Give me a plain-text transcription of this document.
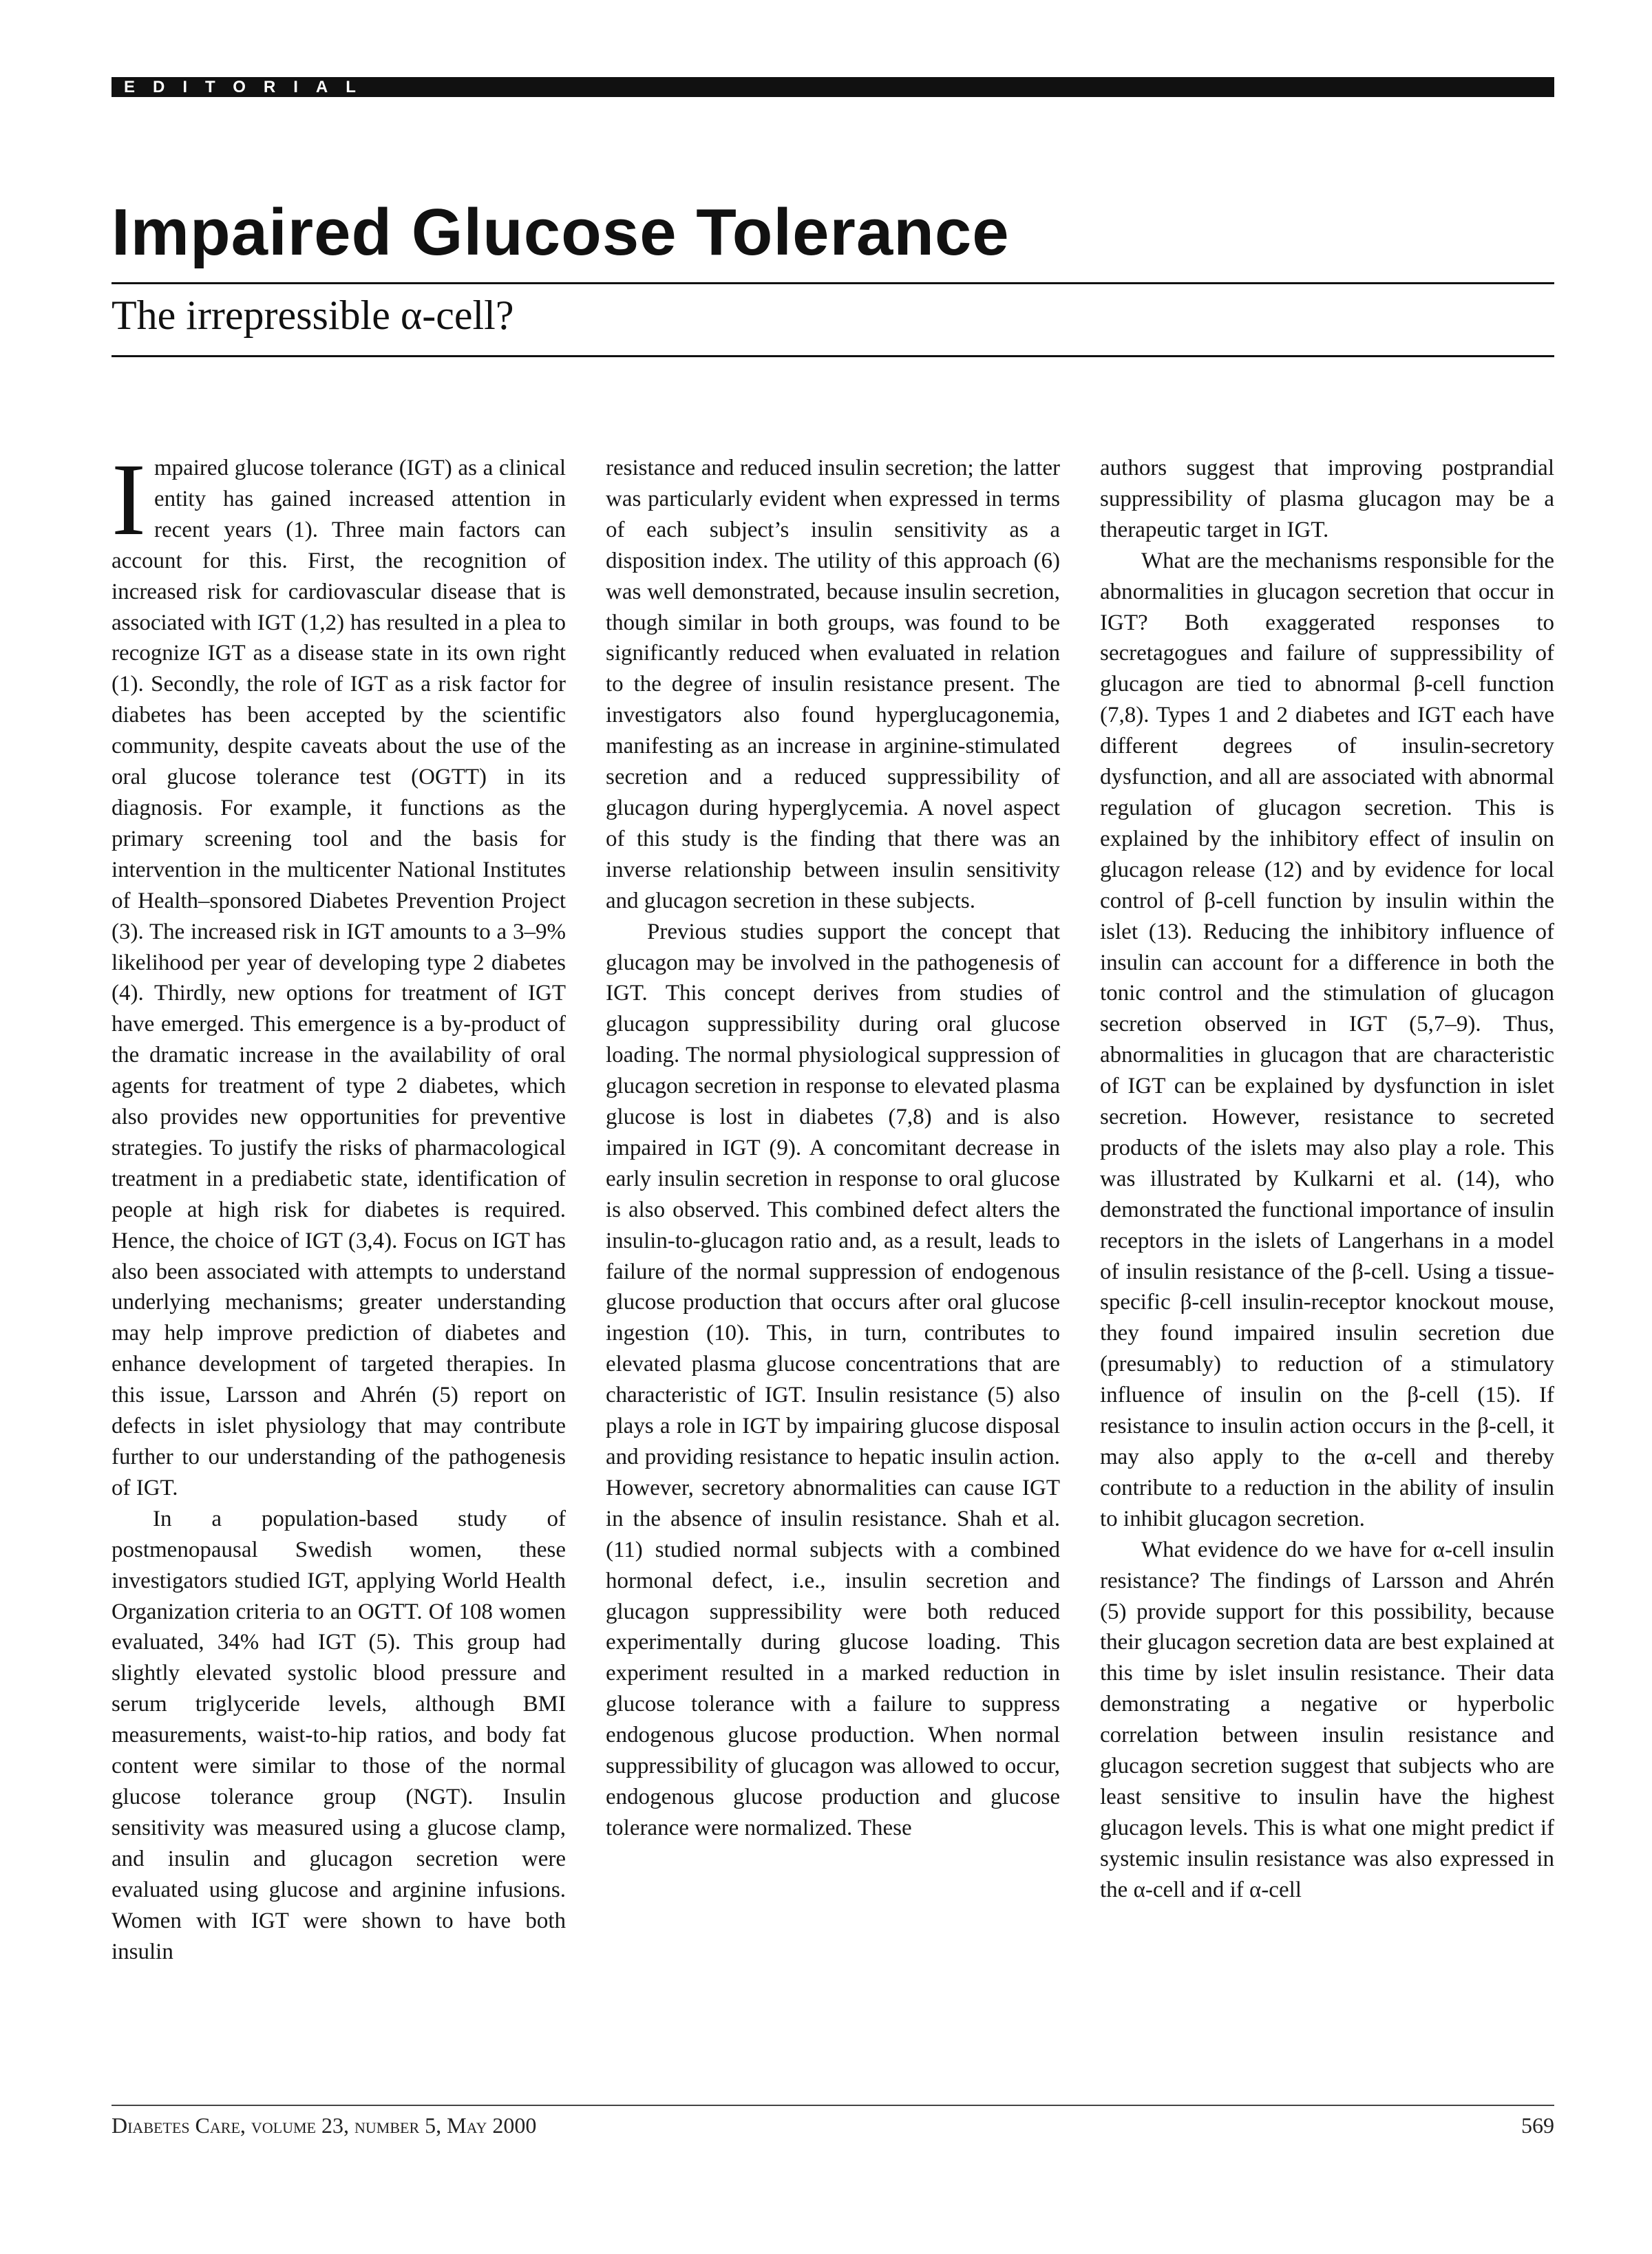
EDITORIAL
Impaired Glucose Tolerance
The irrepressible α-cell?

Impaired glucose tolerance (IGT) as a clinical entity has gained increased attention in recent years (1). Three main factors can account for this. First, the recognition of increased risk for cardiovascular disease that is associated with IGT (1,2) has resulted in a plea to recognize IGT as a disease state in its own right (1). Secondly, the role of IGT as a risk factor for diabetes has been accepted by the scientific community, despite caveats about the use of the oral glucose tolerance test (OGTT) in its diagnosis. For example, it functions as the primary screening tool and the basis for intervention in the multicenter National Institutes of Health–sponsored Diabetes Prevention Project (3). The increased risk in IGT amounts to a 3–9% likelihood per year of developing type 2 diabetes (4). Thirdly, new options for treatment of IGT have emerged. This emergence is a by-product of the dramatic increase in the availability of oral agents for treatment of type 2 diabetes, which also provides new opportunities for preventive strategies. To justify the risks of pharmacological treatment in a prediabetic state, identification of people at high risk for diabetes is required. Hence, the choice of IGT (3,4). Focus on IGT has also been associated with attempts to understand underlying mechanisms; greater understanding may help improve prediction of diabetes and enhance development of targeted therapies. In this issue, Larsson and Ahrén (5) report on defects in islet physiology that may contribute further to our understanding of the pathogenesis of IGT.

In a population-based study of postmenopausal Swedish women, these investigators studied IGT, applying World Health Organization criteria to an OGTT. Of 108 women evaluated, 34% had IGT (5). This group had slightly elevated systolic blood pressure and serum triglyceride levels, although BMI measurements, waist-to-hip ratios, and body fat content were similar to those of the normal glucose tolerance group (NGT). Insulin sensitivity was measured using a glucose clamp, and insulin and glucagon secretion were evaluated using glucose and arginine infusions. Women with IGT were shown to have both insulin

resistance and reduced insulin secretion; the latter was particularly evident when expressed in terms of each subject’s insulin sensitivity as a disposition index. The utility of this approach (6) was well demonstrated, because insulin secretion, though similar in both groups, was found to be significantly reduced when evaluated in relation to the degree of insulin resistance present. The investigators also found hyperglucagonemia, manifesting as an increase in arginine-stimulated secretion and a reduced suppressibility of glucagon during hyperglycemia. A novel aspect of this study is the finding that there was an inverse relationship between insulin sensitivity and glucagon secretion in these subjects.

Previous studies support the concept that glucagon may be involved in the pathogenesis of IGT. This concept derives from studies of glucagon suppressibility during oral glucose loading. The normal physiological suppression of glucagon secretion in response to elevated plasma glucose is lost in diabetes (7,8) and is also impaired in IGT (9). A concomitant decrease in early insulin secretion in response to oral glucose is also observed. This combined defect alters the insulin-to-glucagon ratio and, as a result, leads to failure of the normal suppression of endogenous glucose production that occurs after oral glucose ingestion (10). This, in turn, contributes to elevated plasma glucose concentrations that are characteristic of IGT. Insulin resistance (5) also plays a role in IGT by impairing glucose disposal and providing resistance to hepatic insulin action. However, secretory abnormalities can cause IGT in the absence of insulin resistance. Shah et al. (11) studied normal subjects with a combined hormonal defect, i.e., insulin secretion and glucagon suppressibility were both reduced experimentally during glucose loading. This experiment resulted in a marked reduction in glucose tolerance with a failure to suppress endogenous glucose production. When normal suppressibility of glucagon was allowed to occur, endogenous glucose production and glucose tolerance were normalized. These

authors suggest that improving postprandial suppressibility of plasma glucagon may be a therapeutic target in IGT.

What are the mechanisms responsible for the abnormalities in glucagon secretion that occur in IGT? Both exaggerated responses to secretagogues and failure of suppressibility of glucagon are tied to abnormal β-cell function (7,8). Types 1 and 2 diabetes and IGT each have different degrees of insulin-secretory dysfunction, and all are associated with abnormal regulation of glucagon secretion. This is explained by the inhibitory effect of insulin on glucagon release (12) and by evidence for local control of β-cell function by insulin within the islet (13). Reducing the inhibitory influence of insulin can account for a difference in both the tonic control and the stimulation of glucagon secretion observed in IGT (5,7–9). Thus, abnormalities in glucagon that are characteristic of IGT can be explained by dysfunction in islet secretion. However, resistance to secreted products of the islets may also play a role. This was illustrated by Kulkarni et al. (14), who demonstrated the functional importance of insulin receptors in the islets of Langerhans in a model of insulin resistance of the β-cell. Using a tissue-specific β-cell insulin-receptor knockout mouse, they found impaired insulin secretion due (presumably) to reduction of a stimulatory influence of insulin on the β-cell (15). If resistance to insulin action occurs in the β-cell, it may also apply to the α-cell and thereby contribute to a reduction in the ability of insulin to inhibit glucagon secretion.

What evidence do we have for α-cell insulin resistance? The findings of Larsson and Ahrén (5) provide support for this possibility, because their glucagon secretion data are best explained at this time by islet insulin resistance. Their data demonstrating a negative or hyperbolic correlation between insulin resistance and glucagon secretion suggest that subjects who are least sensitive to insulin have the highest glucagon levels. This is what one might predict if systemic insulin resistance was also expressed in the α-cell and if α-cell

Diabetes Care, volume 23, number 5, May 2000	569
